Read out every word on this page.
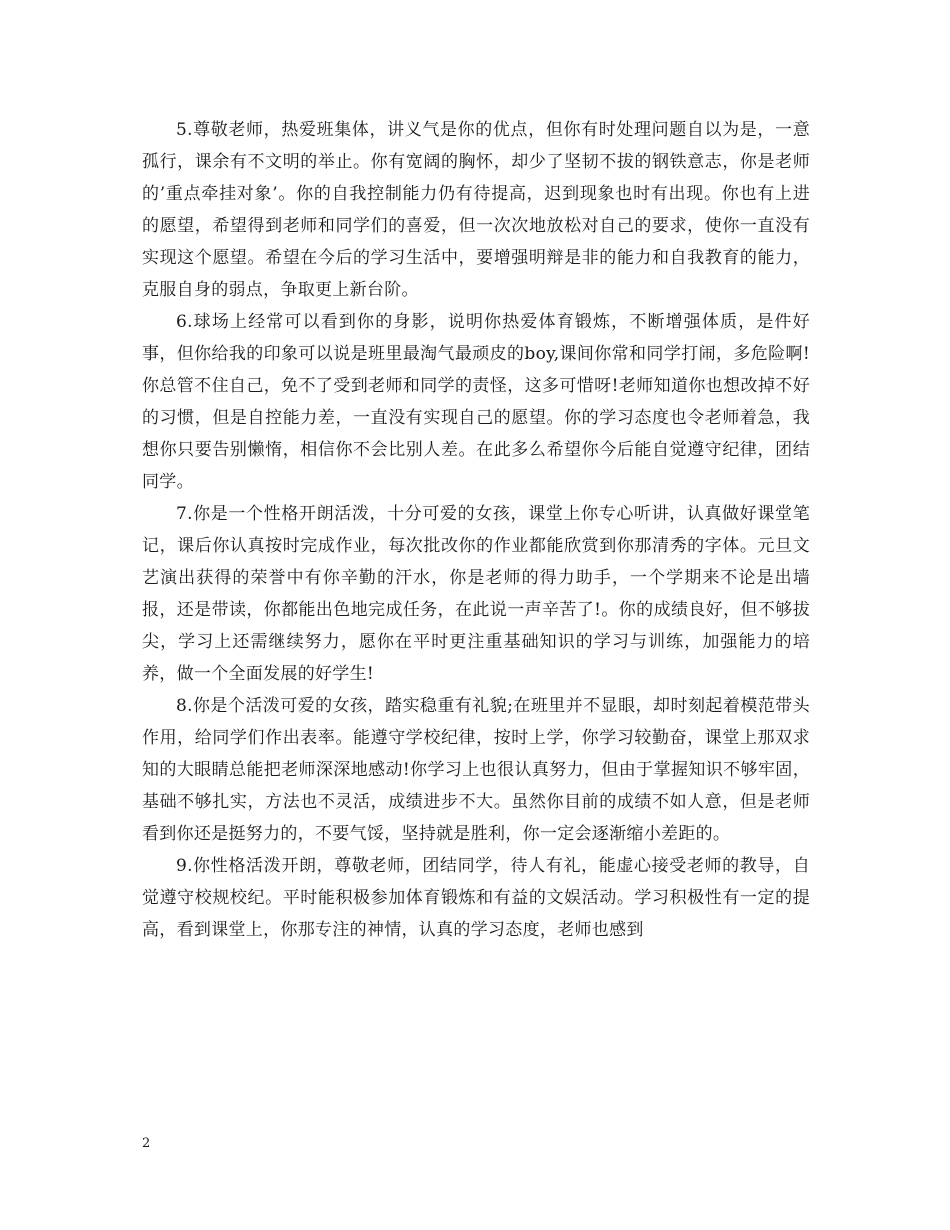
5.尊敬老师，热爱班集体，讲义气是你的优点，但你有时处理问题自以为是，一意孤行，课余有不文明的举止。你有宽阔的胸怀，却少了坚韧不拔的钢铁意志，你是老师的’重点牵挂对象’。你的自我控制能力仍有待提高，迟到现象也时有出现。你也有上进的愿望，希望得到老师和同学们的喜爱，但一次次地放松对自己的要求，使你一直没有实现这个愿望。希望在今后的学习生活中，要增强明辩是非的能力和自我教育的能力，克服自身的弱点，争取更上新台阶。

6.球场上经常可以看到你的身影，说明你热爱体育锻炼，不断增强体质，是件好事，但你给我的印象可以说是班里最淘气最顽皮的boy,课间你常和同学打闹，多危险啊!你总管不住自己，免不了受到老师和同学的责怪，这多可惜呀!老师知道你也想改掉不好的习惯，但是自控能力差，一直没有实现自己的愿望。你的学习态度也令老师着急，我想你只要告别懒惰，相信你不会比别人差。在此多么希望你今后能自觉遵守纪律，团结同学。

7.你是一个性格开朗活泼，十分可爱的女孩，课堂上你专心听讲，认真做好课堂笔记，课后你认真按时完成作业，每次批改你的作业都能欣赏到你那清秀的字体。元旦文艺演出获得的荣誉中有你辛勤的汗水，你是老师的得力助手，一个学期来不论是出墙报，还是带读，你都能出色地完成任务，在此说一声辛苦了!。你的成绩良好，但不够拔尖，学习上还需继续努力，愿你在平时更注重基础知识的学习与训练，加强能力的培养，做一个全面发展的好学生!

8.你是个活泼可爱的女孩，踏实稳重有礼貌;在班里并不显眼，却时刻起着模范带头作用，给同学们作出表率。能遵守学校纪律，按时上学，你学习较勤奋，课堂上那双求知的大眼睛总能把老师深深地感动!你学习上也很认真努力，但由于掌握知识不够牢固，基础不够扎实，方法也不灵活，成绩进步不大。虽然你目前的成绩不如人意，但是老师看到你还是挺努力的，不要气馁，坚持就是胜利，你一定会逐渐缩小差距的。

9.你性格活泼开朗，尊敬老师，团结同学，待人有礼，能虚心接受老师的教导，自觉遵守校规校纪。平时能积极参加体育锻炼和有益的文娱活动。学习积极性有一定的提高，看到课堂上，你那专注的神情，认真的学习态度，老师也感到

2
